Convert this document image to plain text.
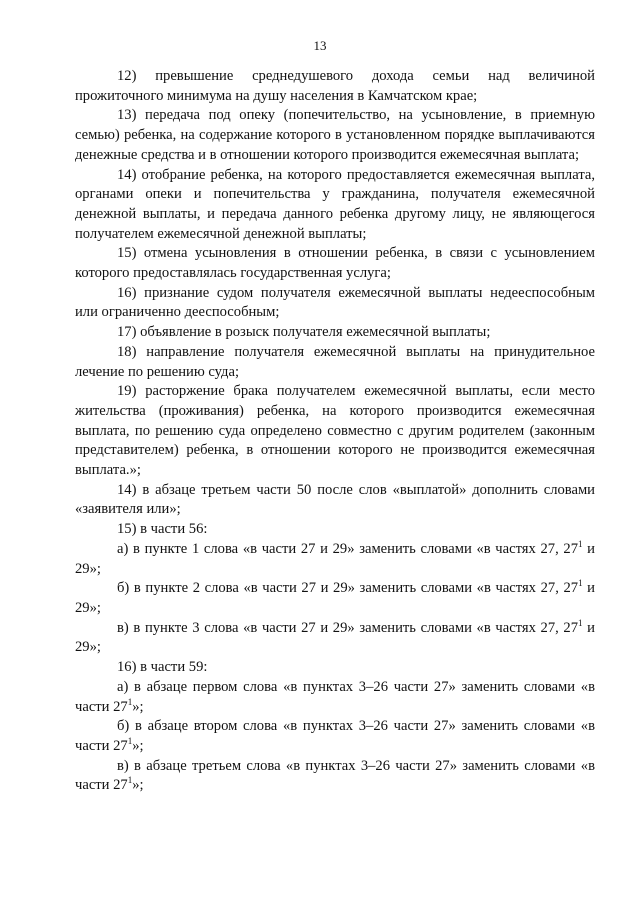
13

12) превышение среднедушевого дохода семьи над величиной прожиточного минимума на душу населения в Камчатском крае;

13) передача под опеку (попечительство, на усыновление, в приемную семью) ребенка, на содержание которого в установленном порядке выплачиваются денежные средства и в отношении которого производится ежемесячная выплата;

14) отобрание ребенка, на которого предоставляется ежемесячная выплата, органами опеки и попечительства у гражданина, получателя ежемесячной денежной выплаты, и передача данного ребенка другому лицу, не являющегося получателем ежемесячной денежной выплаты;

15) отмена усыновления в отношении ребенка, в связи с усыновлением которого предоставлялась государственная услуга;

16) признание судом получателя ежемесячной выплаты недееспособным или ограниченно дееспособным;

17) объявление в розыск получателя ежемесячной выплаты;

18) направление получателя ежемесячной выплаты на принудительное лечение по решению суда;

19) расторжение брака получателем ежемесячной выплаты, если место жительства (проживания) ребенка, на которого производится ежемесячная выплата, по решению суда определено совместно с другим родителем (законным представителем) ребенка, в отношении которого не производится ежемесячная выплата.»;

14) в абзаце третьем части 50 после слов «выплатой» дополнить словами «заявителя или»;

15) в части 56:

а) в пункте 1 слова «в части 27 и 29» заменить словами «в частях 27, $27^1$ и 29»;

б) в пункте 2 слова «в части 27 и 29» заменить словами «в частях 27, $27^1$ и 29»;

в) в пункте 3 слова «в части 27 и 29» заменить словами «в частях 27, $27^1$ и 29»;

16) в части 59:

а) в абзаце первом слова «в пунктах 3–26 части 27» заменить словами «в части $27^1$»;

б) в абзаце втором слова «в пунктах 3–26 части 27» заменить словами «в части $27^1$»;

в) в абзаце третьем слова «в пунктах 3–26 части 27» заменить словами «в части $27^1$»;
